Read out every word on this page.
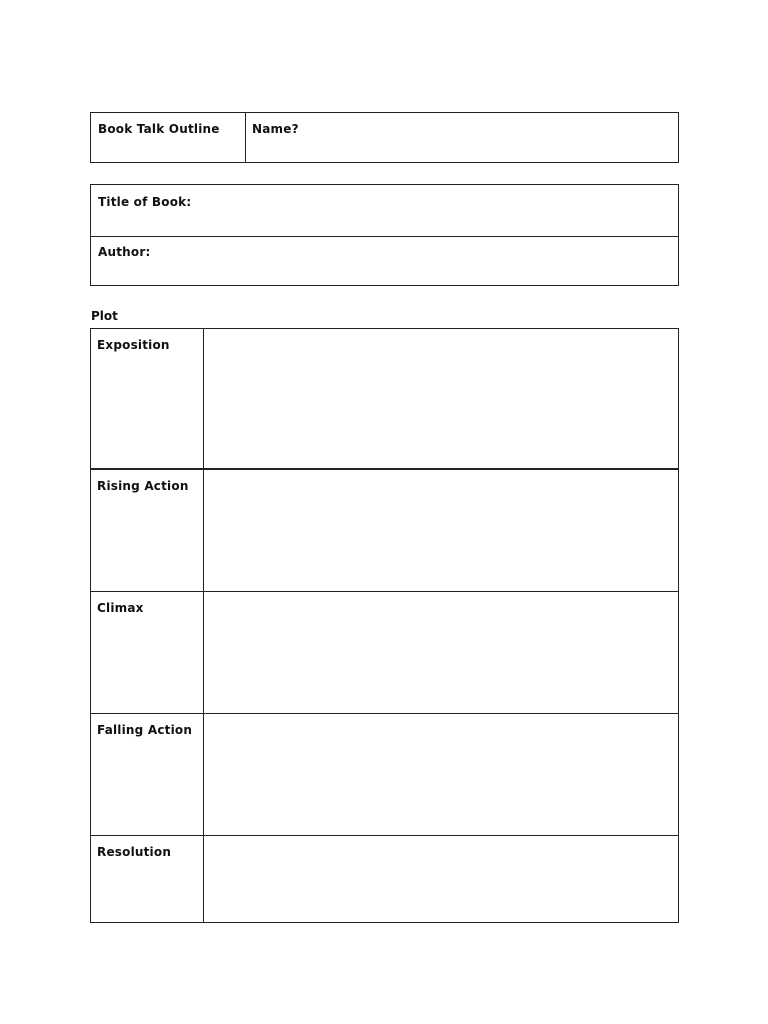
Book Talk Outline	Name?
Title of Book:
Author:
Plot
Exposition
Rising Action
Climax
Falling Action
Resolution
